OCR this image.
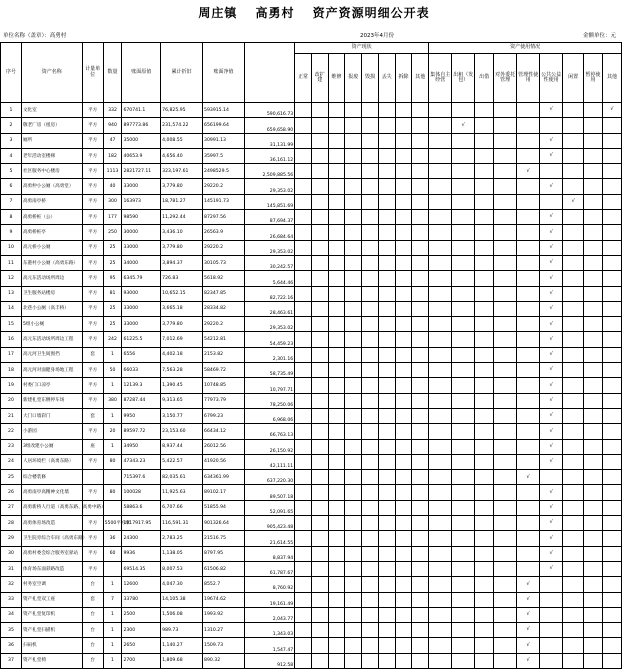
周庄镇　 高勇村　 资产资源明细公开表
单位名称（盖章）：高勇村	2023年4月份	金额单位：元
序号	资产名称	计量单位	数量	账面原值	累计折旧	账面净值		资产现状								资产使用情况								
								正常	改扩建	维修	报废	毁损	丢失	拆除	其他	集体自主经营	出租（发包）	出借	对外委托管理	管理性使用	公共公益性使用	闲置	暂停使用	其他
1	文化室	平方	332	670741.1	76,825.95	593915.14	590,616.73														√			√
2	敬老厂房（租房）	平方	940	897773.86	231,574.22	656199.64	659,658.90										√							
3	厕所	平方	47	35000	4,008.55	30991.13	31,131.99														√			
4	老年活动室楼梯	平方	182	40653.9	4,656.40	35997.5	36,161.12														√			
5	社区服务中心楼房	平方	1113	2821727.11	323,197.61	2498529.5	2,509,885.56													√				
6	高勇仲小公厕（高勇堂）	平方	40	33000	3,779.80	29220.2	29,353.02														√			
7	高勇南亭桥	平方	300	163973	18,781.27	145191.73	145,851.69															√		
8	高勇桥桩（公）	平方	177	98590	11,292.44	87297.56	87,694.37														√			
9	高勇桥桩亭	平方	250	30000	3,436.10	26563.9	26,684.64														√			
10	高元桥小公厕	平方	25	33000	3,779.80	29220.2	29,353.02														√			
11	东港村小公厕（高勇东路）	平方	25	34000	3,894.37	30105.73	30,242.57														√			
12	高元东活动场所周边	平方	95	6345.79	726.83	5618.92	5,644.46														√			
13	卫生服务站楼房	平方	81	93000	10,652.15	82347.85	82,722.16														√			
14	北巷小公厕（高丰桥）	平方	25	33000	3,665.18	28334.82	28,463.61														√			
15	5组小公厕	平方	25	33000	3,779.80	29220.2	29,353.02														√			
16	高元东活动场所周边工程	平方	242	61225.5	7,012.69	54212.81	54,459.23														√			
17	高元河卫生间围挡	套	1	6556	4,402.18	2153.82	2,301.16														√			
18	高元河对面健身场地工程	平方	50	66033	7,563.28	58469.72	58,735.49														√			
19	村委门口凉亭	平方	1	12139.3	1,390.45	10748.85	10,797.71														√			
20	新建礼堂东侧停车场	平方	380	87287.44	9,313.65	77973.79	78,250.06														√			
21	大门口墙彩门	套	1	9950	3,150.77	6799.23	6,968.06														√			
22	小游园	平方	20	89597.72	23,153.60	66434.12	66,763.13														√			
23	3组改建小公厕	座	1	34950	8,937.44	26012.56	26,150.92														√			
24	人居环境栏（高勇东路）	平方	80	47343.23	5,422.57	41920.56	42,111.11														√			
25	综合楼装修			715397.6	82,035.61	634361.99	637,220.30													√				
26	高勇南亭高精神文化墙	平方	80	100028	11,925.63	89102.17	89,507.18														√			
27	高勇新桥人行道（高勇东路、高勇中路）			58863.6	6,707.66	51855.94	52,091.65														√			
28	高勇体育场改造	平方	5500平方米	1017917.95	116,591.31	901326.64	905,423.48														√			
29	卫生院旁综合车间（高勇东路）	平方	36	24300	2,783.25	21516.75	21,614.55														√			
30	高勇村委会综合服务室驿站	平方	60	9936	1,138.05	8797.95	8,837.94														√			
31	体育场东面彩路改造	平方		69514.35	8,007.53	61506.82	61,787.67														√			
32	村务室空调	台	1	12600	4,047.30	8552.7	8,760.92													√				
33	资产礼堂双工座	套	7	33780	14,105.38	19674.62	19,161.49													√				
34	资产礼堂复印机	台	1	2500	1,506.08	1993.92	2,043.77													√				
35	资产礼堂扫描机	台	1	2300	989.73	1310.27	1,343.03													√				
36	扫码机	台	1	2650	1,140.27	1509.73	1,547.47													√				
37	资产礼堂椅	台	1	2700	1,809.68	890.32	912.58													√				
